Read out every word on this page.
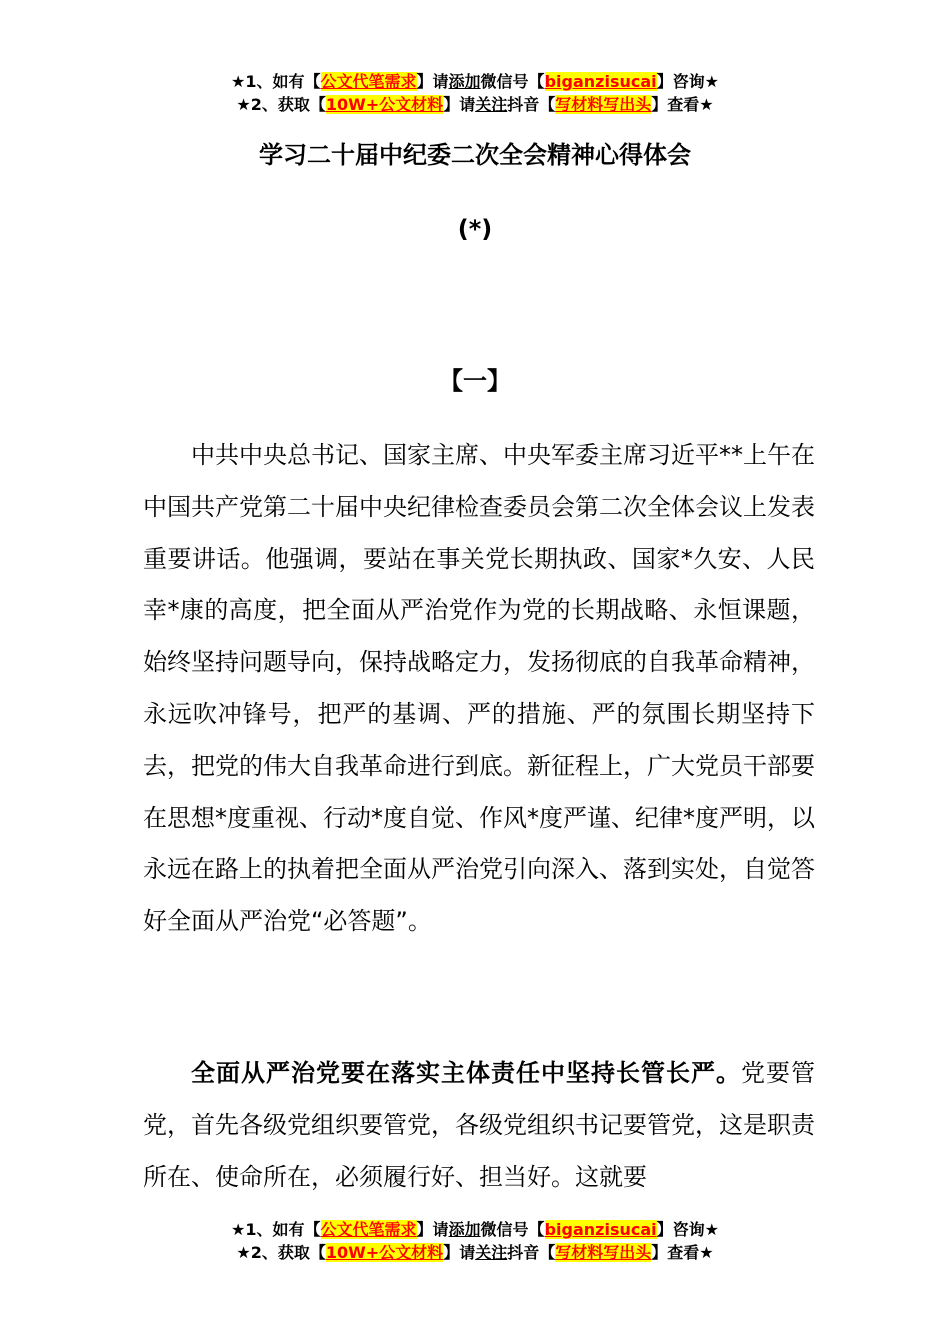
★1、如有【公文代笔需求】请添加微信号【biganzisucai】咨询★
★2、获取【10W+公文材料】请关注抖音【写材料写出头】查看★
学习二十届中纪委二次全会精神心得体会
(*)
【一】

中共中央总书记、国家主席、中央军委主席习近平**上午在中国共产党第二十届中央纪律检查委员会第二次全体会议上发表重要讲话。他强调，要站在事关党长期执政、国家*久安、人民幸*康的高度，把全面从严治党作为党的长期战略、永恒课题，始终坚持问题导向，保持战略定力，发扬彻底的自我革命精神，永远吹冲锋号，把严的基调、严的措施、严的氛围长期坚持下去，把党的伟大自我革命进行到底。新征程上，广大党员干部要在思想*度重视、行动*度自觉、作风*度严谨、纪律*度严明，以永远在路上的执着把全面从严治党引向深入、落到实处，自觉答好全面从严治党“必答题”。

全面从严治党要在落实主体责任中坚持长管长严。党要管党，首先各级党组织要管党，各级党组织书记要管党，这是职责所在、使命所在，必须履行好、担当好。这就要

★1、如有【公文代笔需求】请添加微信号【biganzisucai】咨询★
★2、获取【10W+公文材料】请关注抖音【写材料写出头】查看★
